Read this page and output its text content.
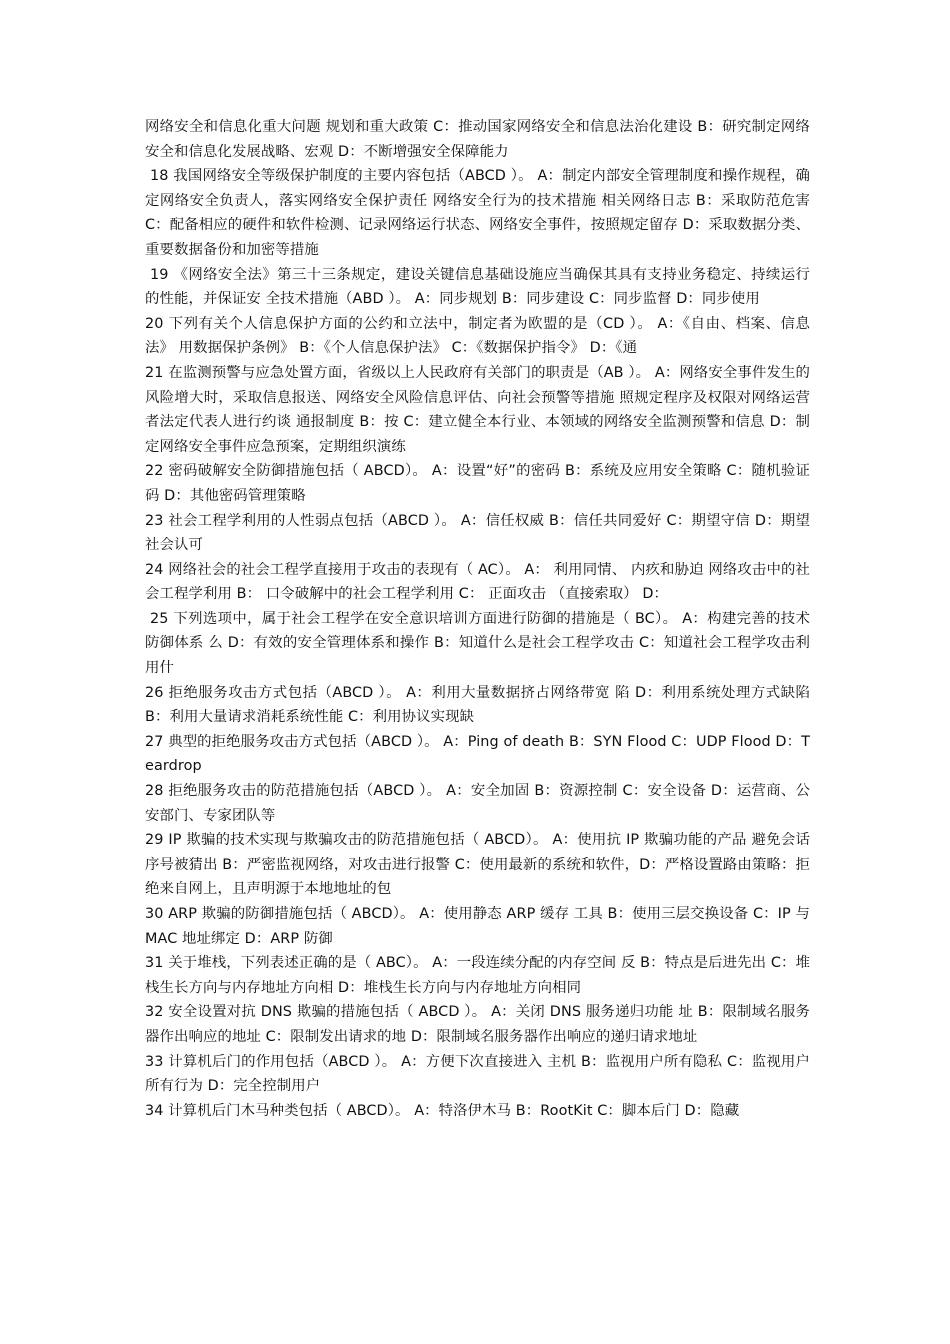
网络安全和信息化重大问题 规划和重大政策 C：推动国家网络安全和信息法治化建设 B：研究制定网络安全和信息化发展战略、宏观 D：不断增强安全保障能力

18 我国网络安全等级保护制度的主要内容包括（ABCD ）。 A：制定内部安全管理制度和操作规程，确定网络安全负责人，落实网络安全保护责任 网络安全行为的技术措施 相关网络日志 B：采取防范危害 C：配备相应的硬件和软件检测、记录网络运行状态、网络安全事件，按照规定留存 D：采取数据分类、重要数据备份和加密等措施

19 《网络安全法》第三十三条规定，建设关键信息基础设施应当确保其具有支持业务稳定、持续运行的性能，并保证安 全技术措施（ABD ）。 A：同步规划 B：同步建设 C：同步监督 D：同步使用

20 下列有关个人信息保护方面的公约和立法中，制定者为欧盟的是（CD ）。 A：《自由、档案、信息法》 用数据保护条例》 B：《个人信息保护法》 C：《数据保护指令》 D：《通

21 在监测预警与应急处置方面，省级以上人民政府有关部门的职责是（AB ）。 A：网络安全事件发生的风险增大时，采取信息报送、网络安全风险信息评估、向社会预警等措施 照规定程序及权限对网络运营者法定代表人进行约谈 通报制度 B：按 C：建立健全本行业、本领域的网络安全监测预警和信息 D：制定网络安全事件应急预案，定期组织演练

22 密码破解安全防御措施包括（ ABCD）。 A：设置“好”的密码 B：系统及应用安全策略 C：随机验证码 D：其他密码管理策略

23 社会工程学利用的人性弱点包括（ABCD ）。 A：信任权威 B：信任共同爱好 C：期望守信 D：期望社会认可

24 网络社会的社会工程学直接用于攻击的表现有（ AC）。 A： 利用同情、 内疚和胁迫 网络攻击中的社会工程学利用 B： 口令破解中的社会工程学利用 C： 正面攻击 （直接索取） D：

25 下列选项中，属于社会工程学在安全意识培训方面进行防御的措施是（ BC）。 A：构建完善的技术防御体系 么 D：有效的安全管理体系和操作 B：知道什么是社会工程学攻击 C：知道社会工程学攻击利用什

26 拒绝服务攻击方式包括（ABCD ）。 A：利用大量数据挤占网络带宽 陷 D：利用系统处理方式缺陷 B：利用大量请求消耗系统性能 C：利用协议实现缺

27 典型的拒绝服务攻击方式包括（ABCD ）。 A：Ping of death B：SYN Flood C：UDP Flood D：Teardrop

28 拒绝服务攻击的防范措施包括（ABCD ）。 A：安全加固 B：资源控制 C：安全设备 D：运营商、公安部门、专家团队等

29 IP 欺骗的技术实现与欺骗攻击的防范措施包括（ ABCD）。 A：使用抗 IP 欺骗功能的产品 避免会话序号被猜出 B：严密监视网络，对攻击进行报警 C：使用最新的系统和软件，D：严格设置路由策略：拒绝来自网上，且声明源于本地地址的包

30 ARP 欺骗的防御措施包括（ ABCD）。 A：使用静态 ARP 缓存 工具 B：使用三层交换设备 C：IP 与 MAC 地址绑定 D：ARP 防御

31 关于堆栈，下列表述正确的是（ ABC）。 A：一段连续分配的内存空间 反 B：特点是后进先出 C：堆栈生长方向与内存地址方向相 D：堆栈生长方向与内存地址方向相同

32 安全设置对抗 DNS 欺骗的措施包括（ ABCD ）。 A：关闭 DNS 服务递归功能 址 B：限制域名服务器作出响应的地址 C：限制发出请求的地 D：限制域名服务器作出响应的递归请求地址

33 计算机后门的作用包括（ABCD ）。 A：方便下次直接进入 主机 B：监视用户所有隐私 C：监视用户所有行为 D：完全控制用户

34 计算机后门木马种类包括（ ABCD）。 A：特洛伊木马 B：RootKit C：脚本后门 D：隐藏
